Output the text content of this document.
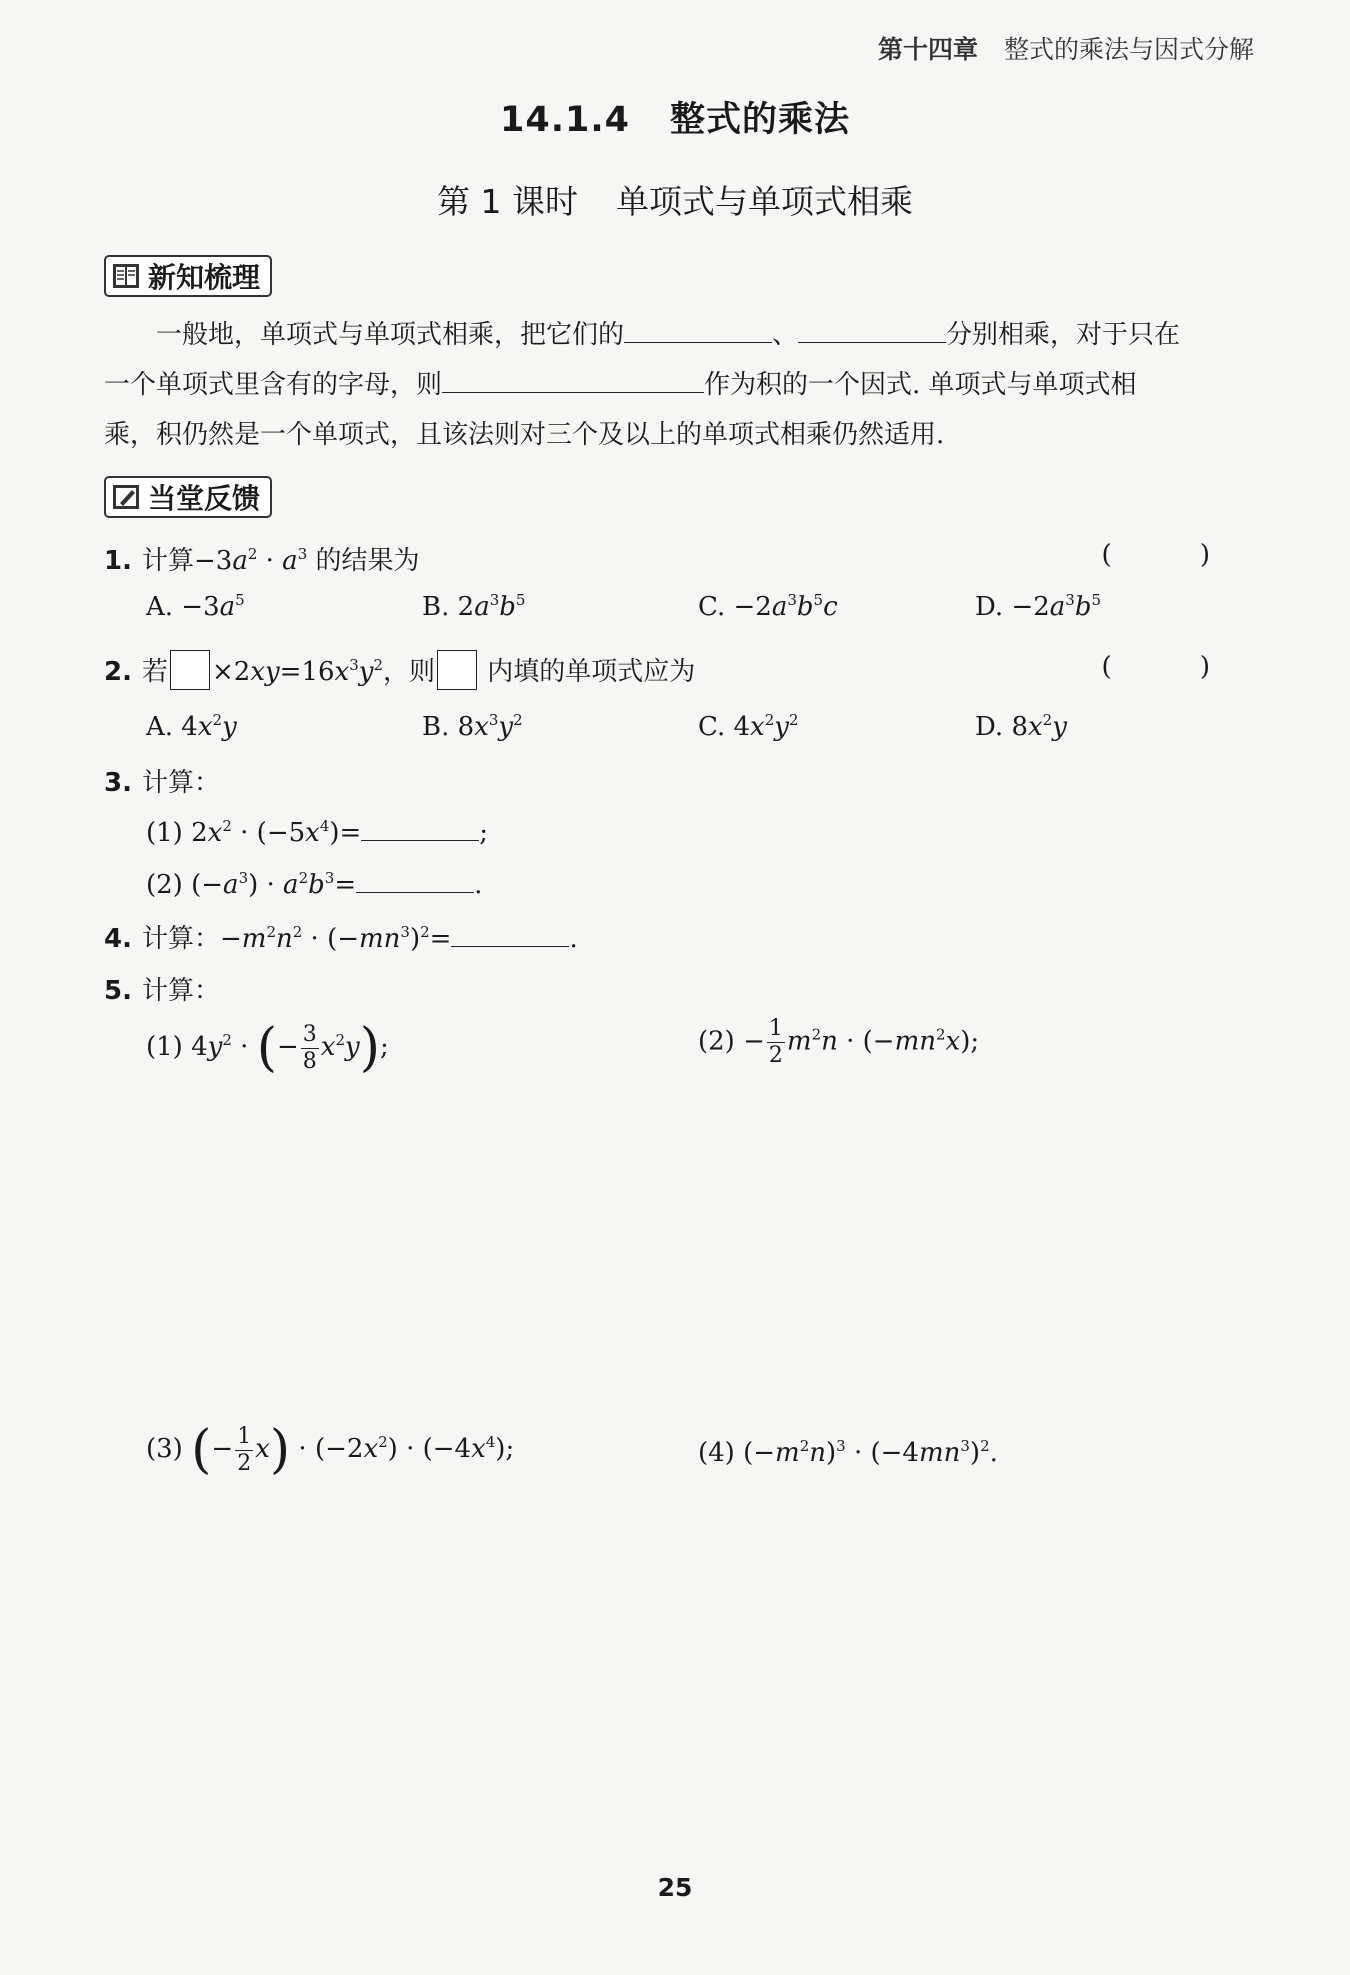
第十四章 整式的乘法与因式分解
14.1.4 整式的乘法
第 1 课时 单项式与单项式相乘
新知梳理
一般地，单项式与单项式相乘，把它们的	、	分别相乘，对于只在
一个单项式里含有的字母，则	作为积的一个因式. 单项式与单项式相
乘，积仍然是一个单项式，且该法则对三个及以上的单项式相乘仍然适用.
当堂反馈
1. 计算$-3a^2 \cdot a^3$ 的结果为	( )
A. $-3a^5$	B. $2a^3b^5$	C. $-2a^3b^5c$	D. $-2a^3b^5$
2. 若 $\times 2xy=16x^3y^2$，则 内填的单项式应为	( )
A. $4x^2y$	B. $8x^3y^2$	C. $4x^2y^2$	D. $8x^2y$
3. 计算：
(1) $2x^2 \cdot (-5x^4)=$	;
(2) $(-a^3) \cdot a^2b^3=$	.
4. 计算：$-m^2n^2 \cdot (-mn^3)^2=$	.
5. 计算：
(1) $4y^2$ · (− $\frac{3}{8} x^2y$);	$(2) - \frac{1}{2} m^2n \cdot (-mn^2x)$;
(3) (− $\frac{1}{2} x) \cdot (-2x^2) \cdot (-4x^4)$;	(4) $(-m^2n)^3 \cdot (-4mn^3)^2$.
25
